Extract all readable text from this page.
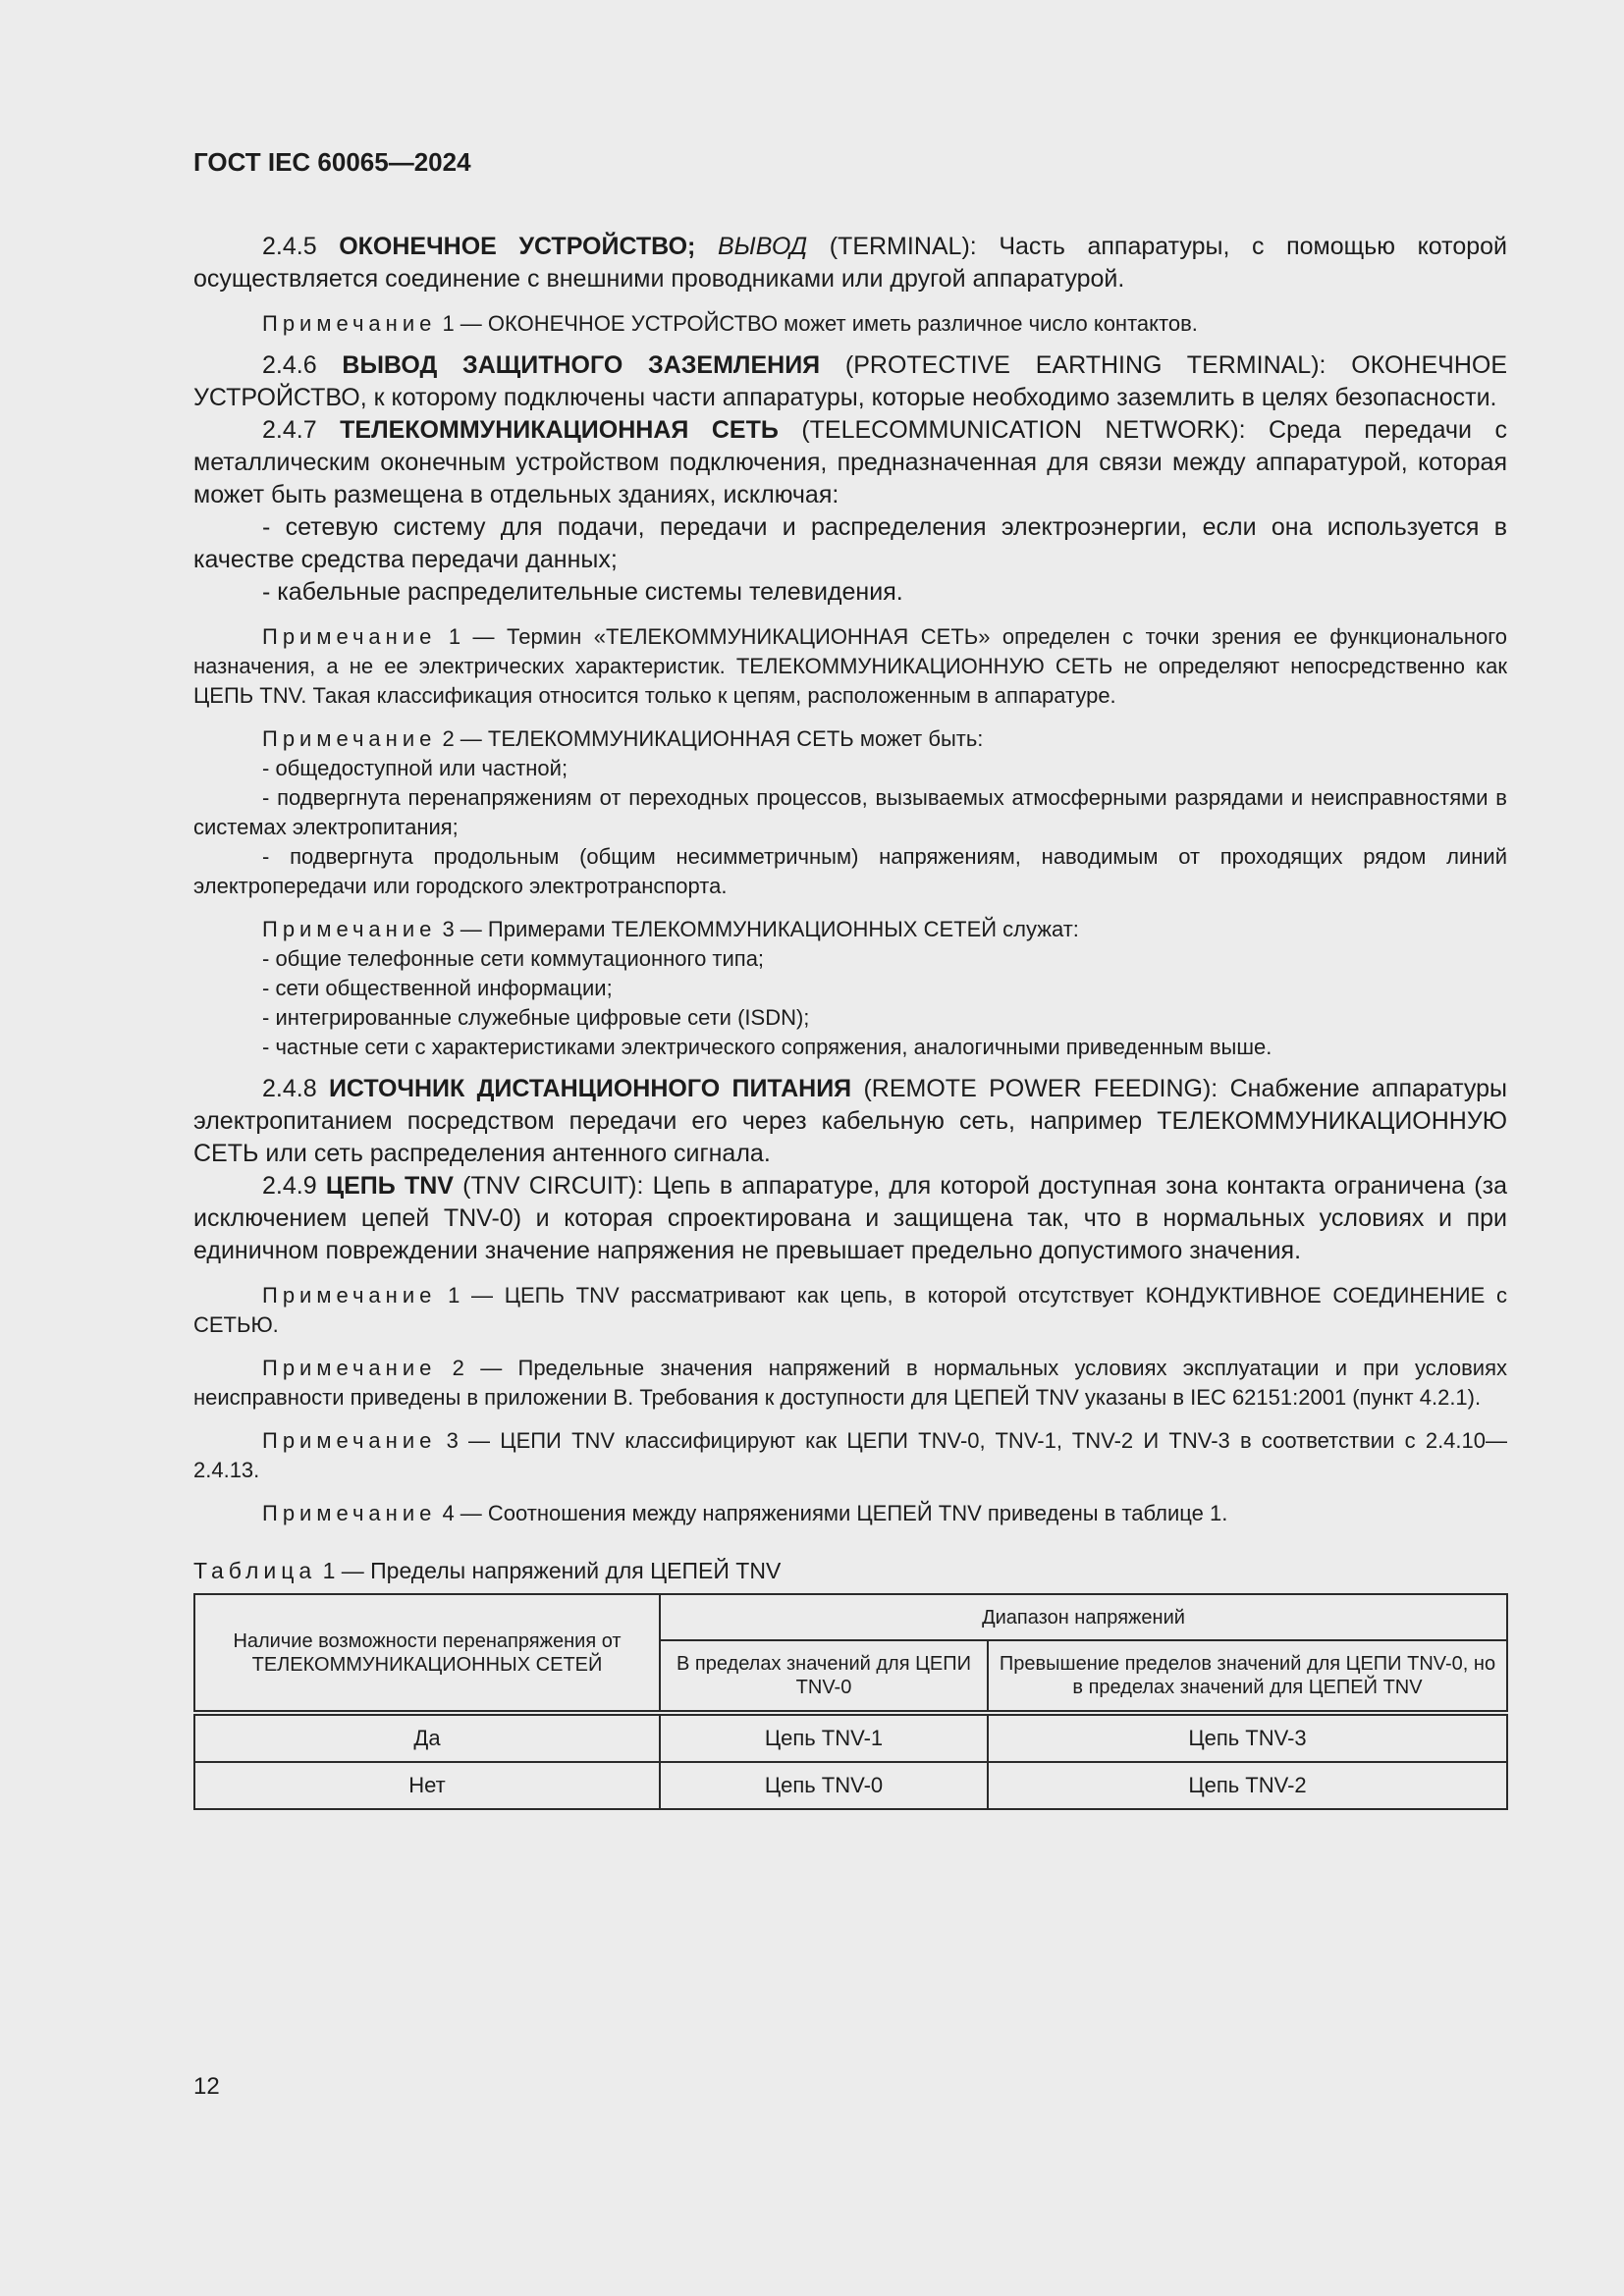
ГОСТ IEC 60065—2024

2.4.5 ОКОНЕЧНОЕ УСТРОЙСТВО; ВЫВОД (TERMINAL): Часть аппаратуры, с помощью которой осуществляется соединение с внешними проводниками или другой аппаратурой.

Примечание 1 — ОКОНЕЧНОЕ УСТРОЙСТВО может иметь различное число контактов.

2.4.6 ВЫВОД ЗАЩИТНОГО ЗАЗЕМЛЕНИЯ (PROTECTIVE EARTHING TERMINAL): ОКОНЕЧНОЕ УСТРОЙСТВО, к которому подключены части аппаратуры, которые необходимо заземлить в целях безопасности.

2.4.7 ТЕЛЕКОММУНИКАЦИОННАЯ СЕТЬ (TELECOMMUNICATION NETWORK): Среда передачи с металлическим оконечным устройством подключения, предназначенная для связи между аппаратурой, которая может быть размещена в отдельных зданиях, исключая:

- сетевую систему для подачи, передачи и распределения электроэнергии, если она используется в качестве средства передачи данных;

- кабельные распределительные системы телевидения.

Примечание 1 — Термин «ТЕЛЕКОММУНИКАЦИОННАЯ СЕТЬ» определен с точки зрения ее функционального назначения, а не ее электрических характеристик. ТЕЛЕКОММУНИКАЦИОННУЮ СЕТЬ не определяют непосредственно как ЦЕПЬ TNV. Такая классификация относится только к цепям, расположенным в аппаратуре.

Примечание 2 — ТЕЛЕКОММУНИКАЦИОННАЯ СЕТЬ может быть:

- общедоступной или частной;

- подвергнута перенапряжениям от переходных процессов, вызываемых атмосферными разрядами и неисправностями в системах электропитания;

- подвергнута продольным (общим несимметричным) напряжениям, наводимым от проходящих рядом линий электропередачи или городского электротранспорта.

Примечание 3 — Примерами ТЕЛЕКОММУНИКАЦИОННЫХ СЕТЕЙ служат:

- общие телефонные сети коммутационного типа;

- сети общественной информации;

- интегрированные служебные цифровые сети (ISDN);

- частные сети с характеристиками электрического сопряжения, аналогичными приведенным выше.

2.4.8 ИСТОЧНИК ДИСТАНЦИОННОГО ПИТАНИЯ (REMOTE POWER FEEDING): Снабжение аппаратуры электропитанием посредством передачи его через кабельную сеть, например ТЕЛЕКОММУНИКАЦИОННУЮ СЕТЬ или сеть распределения антенного сигнала.

2.4.9 ЦЕПЬ TNV (TNV CIRCUIT): Цепь в аппаратуре, для которой доступная зона контакта ограничена (за исключением цепей TNV-0) и которая спроектирована и защищена так, что в нормальных условиях и при единичном повреждении значение напряжения не превышает предельно допустимого значения.

Примечание 1 — ЦЕПЬ TNV рассматривают как цепь, в которой отсутствует КОНДУКТИВНОЕ СОЕДИНЕНИЕ с СЕТЬЮ.

Примечание 2 — Предельные значения напряжений в нормальных условиях эксплуатации и при условиях неисправности приведены в приложении В. Требования к доступности для ЦЕПЕЙ TNV указаны в IEC 62151:2001 (пункт 4.2.1).

Примечание 3 — ЦЕПИ TNV классифицируют как ЦЕПИ TNV-0, TNV-1, TNV-2 И TNV-3 в соответствии с 2.4.10—2.4.13.

Примечание 4 — Соотношения между напряжениями ЦЕПЕЙ TNV приведены в таблице 1.

Таблица 1 — Пределы напряжений для ЦЕПЕЙ TNV

Наличие возможности перенапряжения от ТЕЛЕКОММУНИКАЦИОННЫХ СЕТЕЙ	Диапазон напряжений	
	В пределах значений для ЦЕПИ TNV-0	Превышение пределов значений для ЦЕПИ TNV-0, но в пределах значений для ЦЕПЕЙ TNV
Да	Цепь TNV-1	Цепь TNV-3
Нет	Цепь TNV-0	Цепь TNV-2
12
